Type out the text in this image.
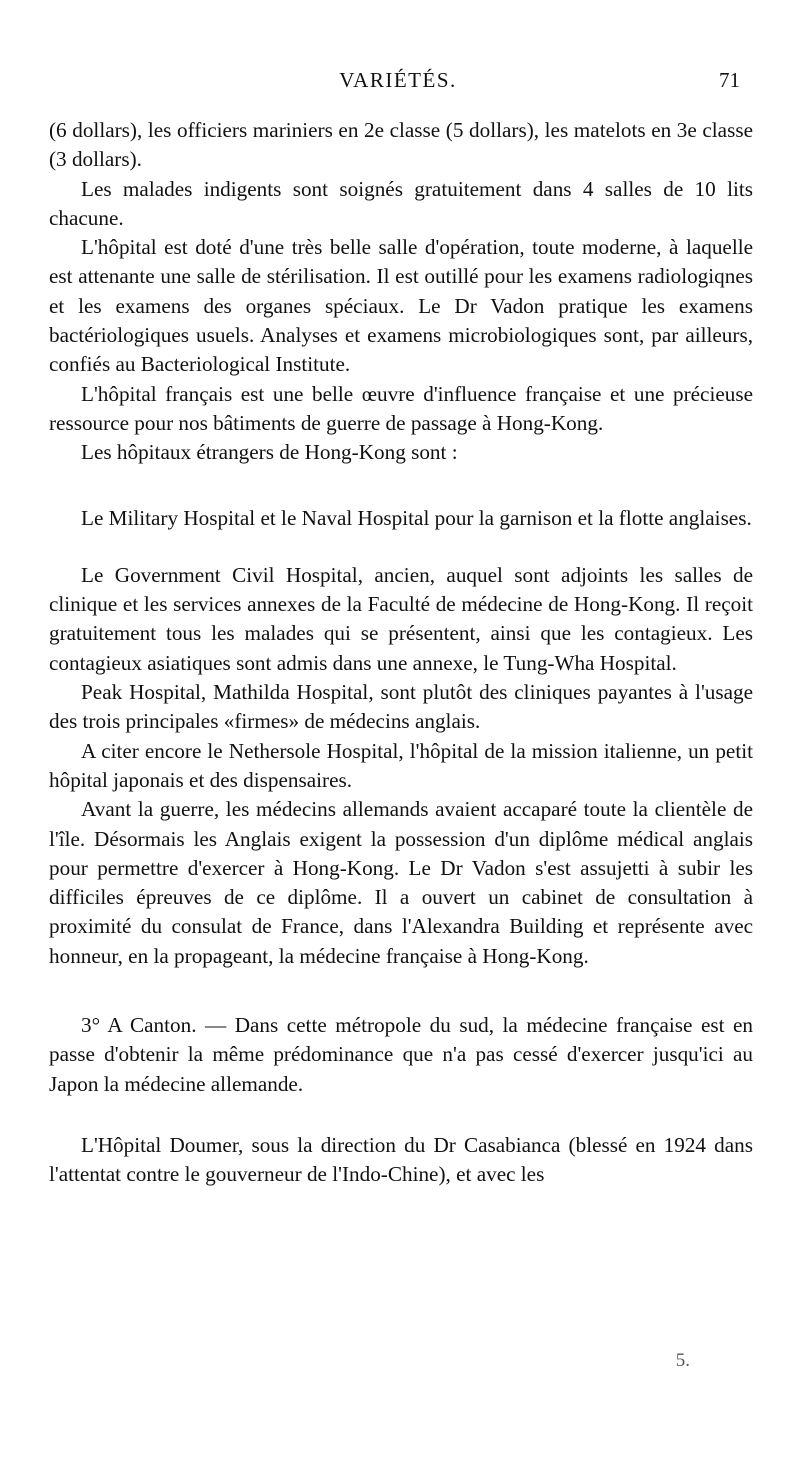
VARIÉTÉS.	71

(6 dollars), les officiers mariniers en 2e classe (5 dollars), les matelots en 3e classe (3 dollars).

Les malades indigents sont soignés gratuitement dans 4 salles de 10 lits chacune.

L'hôpital est doté d'une très belle salle d'opération, toute moderne, à laquelle est attenante une salle de stérilisation. Il est outillé pour les examens radiologiqnes et les examens des organes spéciaux. Le Dr Vadon pratique les examens bactériologiques usuels. Analyses et examens microbiologiques sont, par ailleurs, confiés au Bacteriological Institute.

L'hôpital français est une belle œuvre d'influence française et une précieuse ressource pour nos bâtiments de guerre de passage à Hong-Kong.

Les hôpitaux étrangers de Hong-Kong sont :

Le Military Hospital et le Naval Hospital pour la garnison et la flotte anglaises.

Le Government Civil Hospital, ancien, auquel sont adjoints les salles de clinique et les services annexes de la Faculté de médecine de Hong-Kong. Il reçoit gratuitement tous les malades qui se présentent, ainsi que les contagieux. Les contagieux asiatiques sont admis dans une annexe, le Tung-Wha Hospital.

Peak Hospital, Mathilda Hospital, sont plutôt des cliniques payantes à l'usage des trois principales «firmes» de médecins anglais.

A citer encore le Nethersole Hospital, l'hôpital de la mission italienne, un petit hôpital japonais et des dispensaires.

Avant la guerre, les médecins allemands avaient accaparé toute la clientèle de l'île. Désormais les Anglais exigent la possession d'un diplôme médical anglais pour permettre d'exercer à Hong-Kong. Le Dr Vadon s'est assujetti à subir les difficiles épreuves de ce diplôme. Il a ouvert un cabinet de consultation à proximité du consulat de France, dans l'Alexandra Building et représente avec honneur, en la propageant, la médecine française à Hong-Kong.

3° A Canton. — Dans cette métropole du sud, la médecine française est en passe d'obtenir la même prédominance que n'a pas cessé d'exercer jusqu'ici au Japon la médecine allemande.

L'Hôpital Doumer, sous la direction du Dr Casabianca (blessé en 1924 dans l'attentat contre le gouverneur de l'Indo-Chine), et avec les

5.
